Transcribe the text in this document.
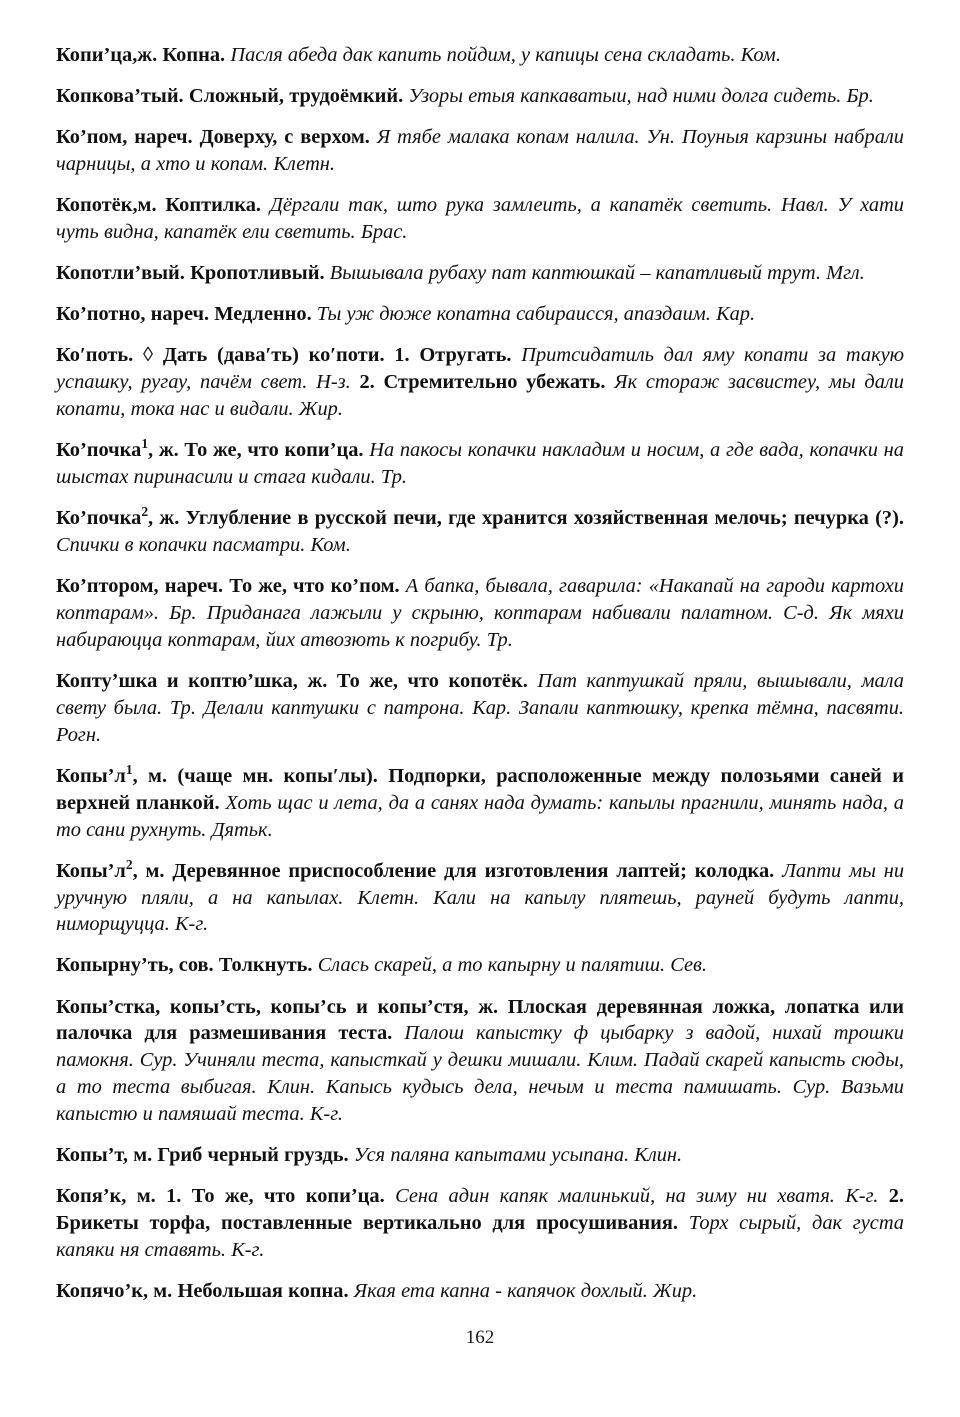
Копи’ца,ж. Копна. Пасля абеда дак капить пойдим, у капицы сена складать. Ком.

Копкова’тый. Сложный, трудоёмкий. Узоры етыя капкаватыи, над ними долга сидеть. Бр.

Ко’пом, нареч. Доверху, с верхом. Я тябе малака копам налила. Ун. Поуныя карзины набрали чарницы, а хто и копам. Клетн.

Копотёк,м. Коптилка. Дёргали так, што рука замлеить, а капатёк светить. Навл. У хати чуть видна, капатёк ели светить. Брас.

Копотли’вый. Кропотливый. Вышывала рубаху пат каптюшкай – капатливый трут. Мгл.

Ко’потно, нареч. Медленно. Ты уж дюже копатна сабираисся, апаздаим. Кар.

Ко′поть. ◊ Дать (дава′ть) ко′поти. 1. Отругать. Притсидатиль дал яму копати за такую успашку, ругау, пачём свет. Н-з. 2. Стремительно убежать. Як стораж засвистеу, мы дали копати, тока нас и видали. Жир.

Ко’почка$^1$, ж. То же, что копи’ца. На пакосы копачки накладим и носим, а где вада, копачки на шыстах пиринасили и стага кидали. Тр.

Ко’почка$^2$, ж. Углубление в русской печи, где хранится хозяйственная мелочь; печурка (?). Спички в копачки пасматри. Ком.

Ко’птором, нареч. То же, что ко’пом. А бапка, бывала, гаварила: «Накапай на гароди картохи коптарам». Бр. Приданага лажыли у скрыню, коптарам набивали палатном. С-д. Як мяхи набираюцца коптарам, йих атвозють к погрибу. Тр.

Копту’шка и коптю’шка, ж. То же, что копотёк. Пат каптушкай пряли, вышывали, мала свету была. Тр. Делали каптушки с патрона. Кар. Запали каптюшку, крепка тёмна, пасвяти. Рогн.

$Копы’л^1$, м. (чаще мн. копы′лы). Подпорки, расположенные между полозьями саней и верхней планкой. Хоть щас и лета, да а санях нада думать: капылы прагнили, минять нада, а то сани рухнуть. Дятьк.

$Копы’л^2$, м. Деревянное приспособление для изготовления лаптей; колодка. Лапти мы ни уручную пляли, а на капылах. Клетн. Кали на капылу плятешь, рауней будуть лапти, ниморщуцца. К-г.

Копырну’ть, сов. Толкнуть. Слась скарей, а то капырну и палятиш. Сев.

Копы’стка, копы’сть, копы’сь и копы’стя, ж. Плоская деревянная ложка, лопатка или палочка для размешивания теста. Палош капыстку ф цыбарку з вадой, нихай трошки памокня. Сур. Учиняли теста, капысткай у дешки мишали. Клим. Падай скарей капысть сюды, а то теста выбигая. Клин. Капысь кудысь дела, нечым и теста памишать. Сур. Вазьми капыстю и памяшай теста. К-г.

Копы’т, м. Гриб черный груздь. Уся паляна капытами усыпана. Клин.

Копя’к, м. 1. То же, что копи’ца. Сена адин капяк малинький, на зиму ни хватя. К-г. 2. Брикеты торфа, поставленные вертикально для просушивания. Торх сырый, дак густа капяки ня ставять. К-г.

Копячо’к, м. Небольшая копна. Якая ета капна - капячок дохлый. Жир.

162
